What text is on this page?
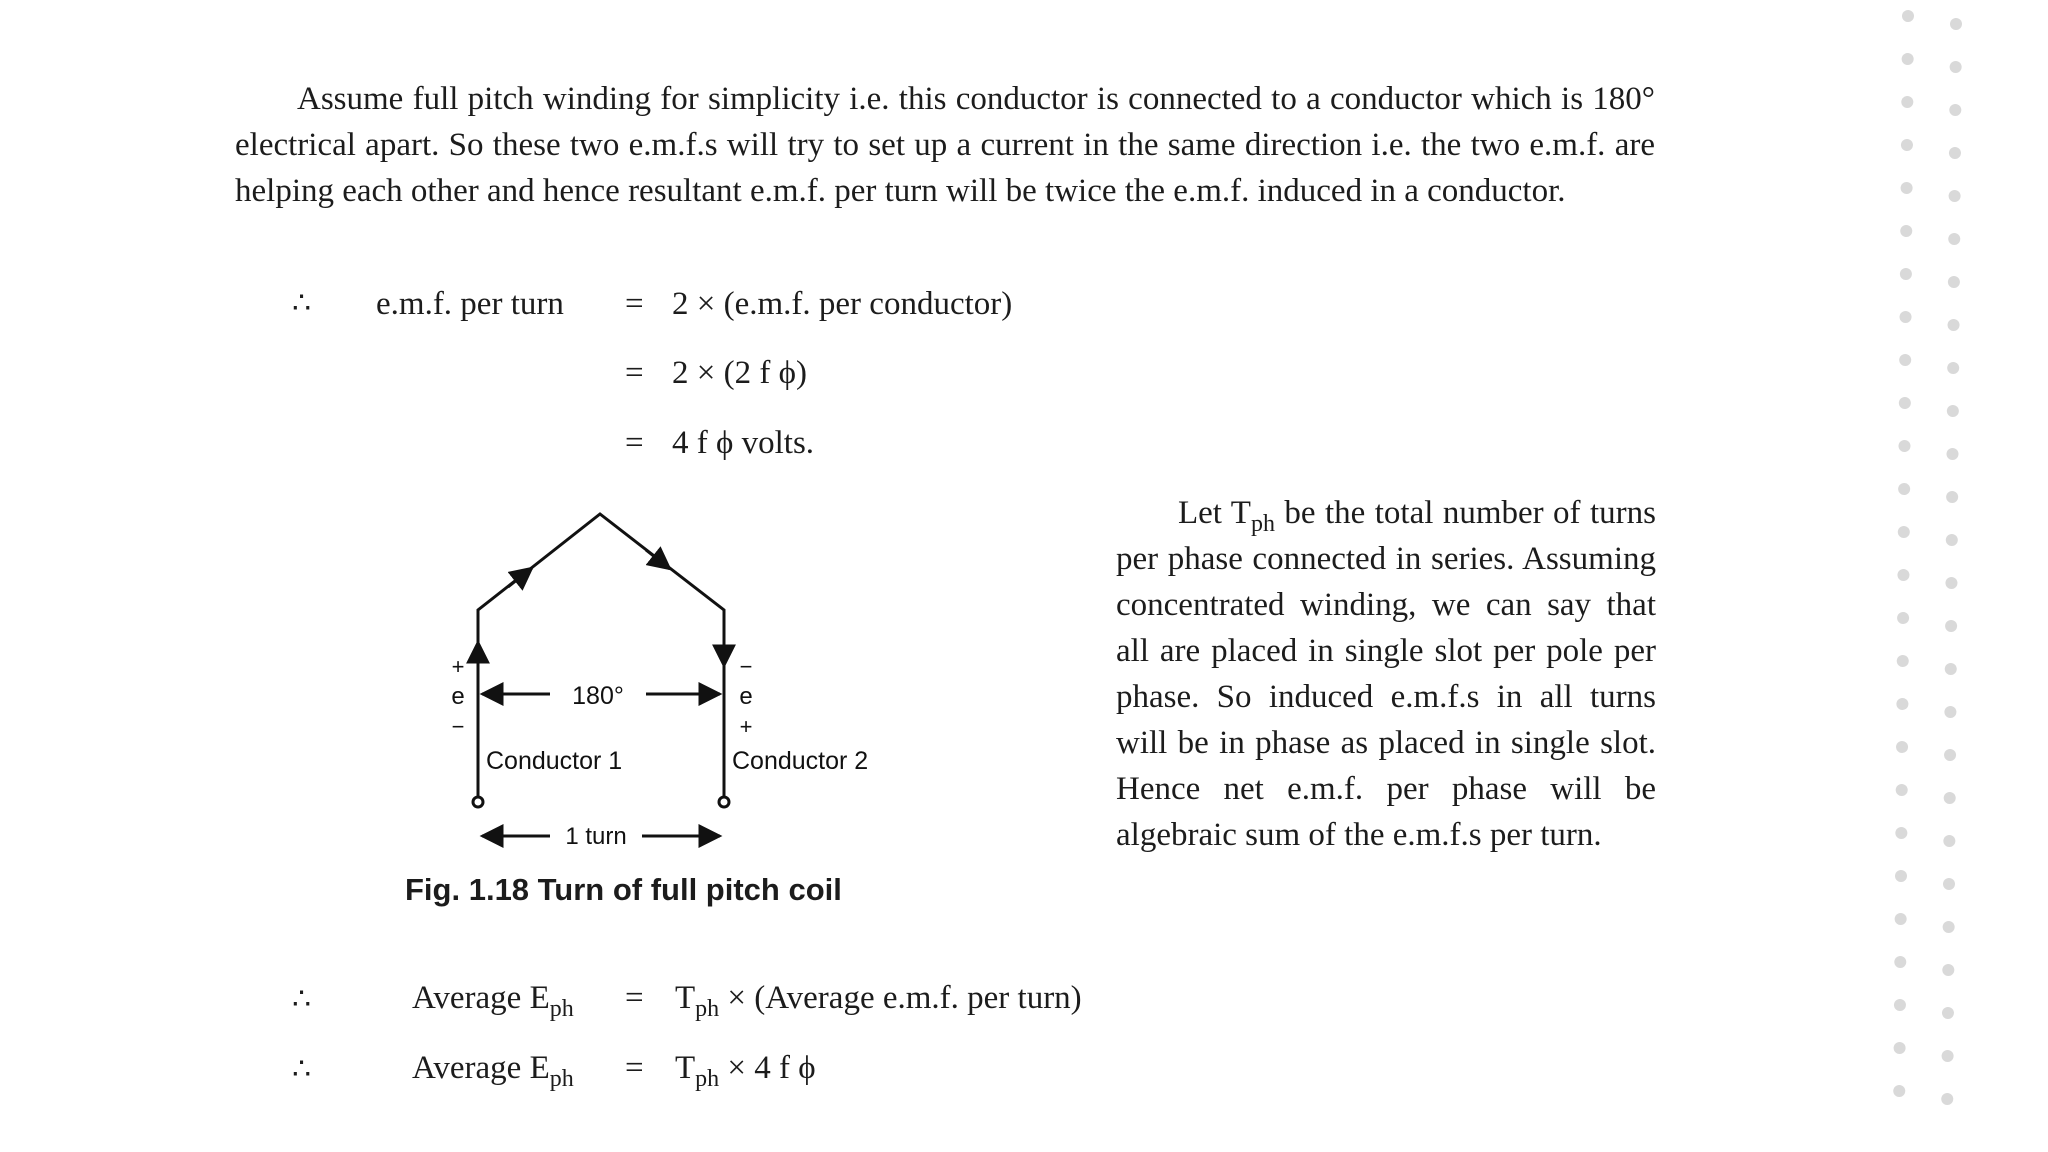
Assume full pitch winding for simplicity i.e. this conductor is connected to a conductor which is 180° electrical apart. So these two e.m.f.s will try to set up a current in the same direction i.e. the two e.m.f. are helping each other and hence resultant e.m.f. per turn will be twice the e.m.f. induced in a conductor.

∴ e.m.f. per turn = 2 × (e.m.f. per conductor)
= 2 × (2 f ϕ)
= 4 f ϕ volts.
180°
+
e
−
−
e
+
Conductor 1	Conductor 2
1 turn
Fig. 1.18 Turn of full pitch coil

Let $T_{ph}$ be the total number of turns per phase connected in series. Assuming concentrated winding, we can say that all are placed in single slot per pole per phase. So induced e.m.f.s in all turns will be in phase as placed in single slot. Hence net e.m.f. per phase will be algebraic sum of the e.m.f.s per turn.

∴	Average $E_{ph} = T_{ph}$ × (Average e.m.f. per turn)
∴	Average $E_{ph} = T_{ph} \times 4$ f ϕ
